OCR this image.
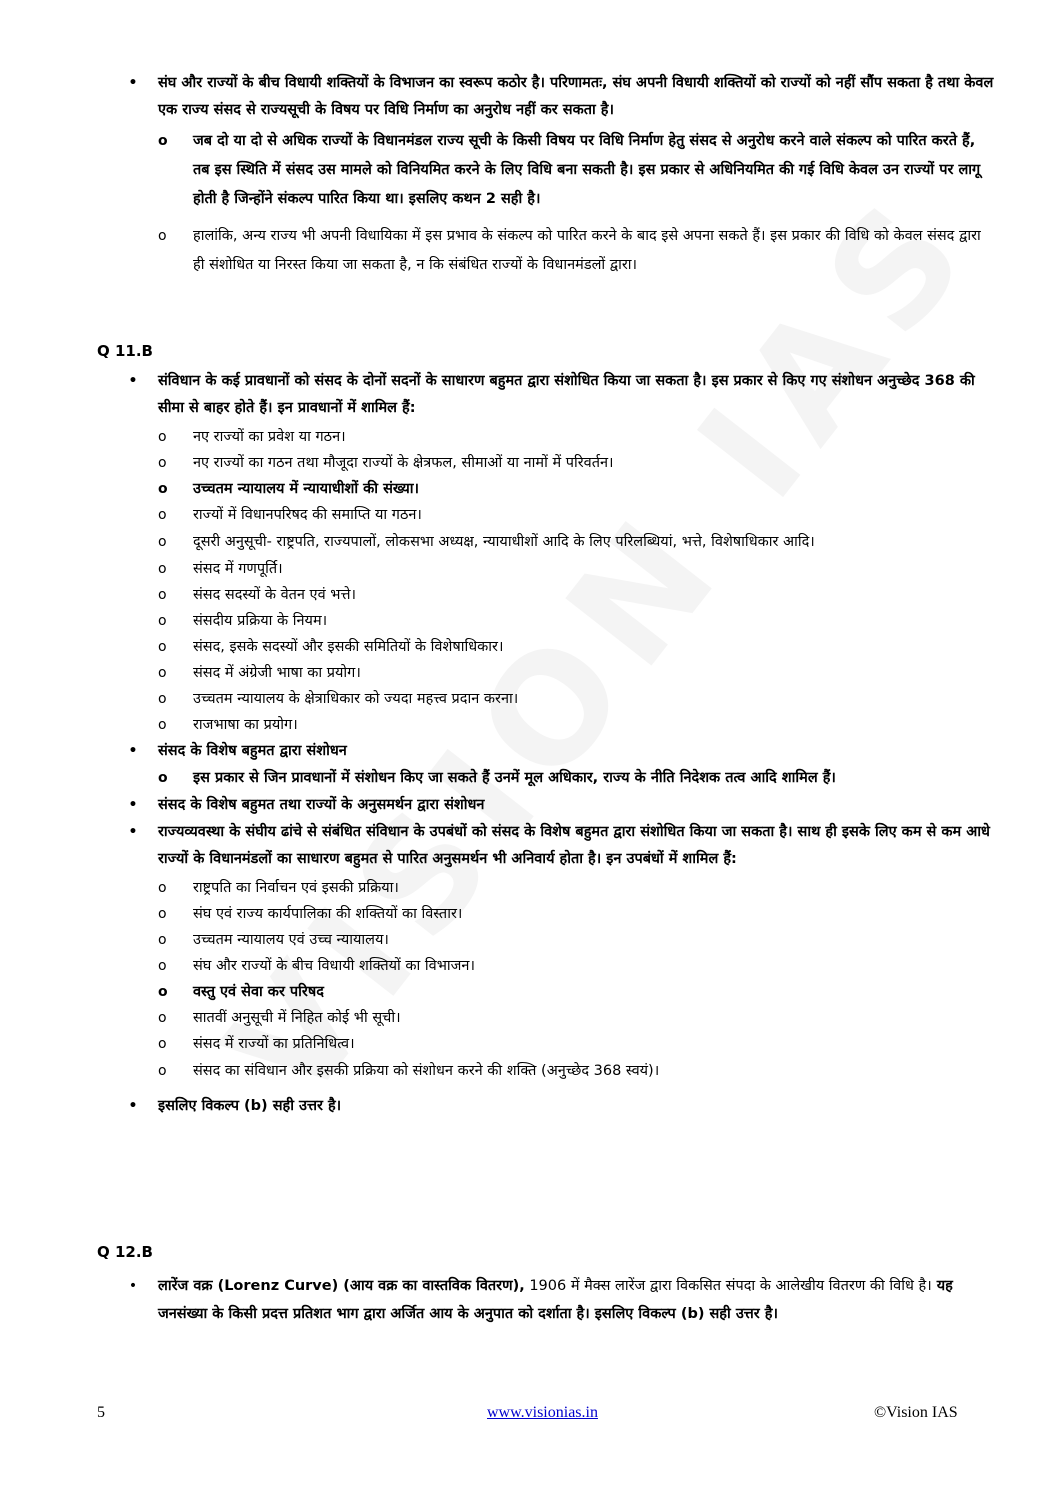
• संघ और राज्यों के बीच विधायी शक्तियों के विभाजन का स्वरूप कठोर है। परिणामतः, संघ अपनी विधायी शक्तियों को राज्यों को नहीं सौंप सकता है तथा केवल एक राज्य संसद से राज्यसूची के विषय पर विधि निर्माण का अनुरोध नहीं कर सकता है।
o जब दो या दो से अधिक राज्यों के विधानमंडल राज्य सूची के किसी विषय पर विधि निर्माण हेतु संसद से अनुरोध करने वाले संकल्प को पारित करते हैं, तब इस स्थिति में संसद उस मामले को विनियमित करने के लिए विधि बना सकती है। इस प्रकार से अधिनियमित की गई विधि केवल उन राज्यों पर लागू होती है जिन्होंने संकल्प पारित किया था। इसलिए कथन 2 सही है।
o हालांकि, अन्य राज्य भी अपनी विधायिका में इस प्रभाव के संकल्प को पारित करने के बाद इसे अपना सकते हैं। इस प्रकार की विधि को केवल संसद द्वारा ही संशोधित या निरस्त किया जा सकता है, न कि संबंधित राज्यों के विधानमंडलों द्वारा।
Q 11.B
• संविधान के कई प्रावधानों को संसद के दोनों सदनों के साधारण बहुमत द्वारा संशोधित किया जा सकता है। इस प्रकार से किए गए संशोधन अनुच्छेद 368 की सीमा से बाहर होते हैं। इन प्रावधानों में शामिल हैं:
o नए राज्यों का प्रवेश या गठन।
o नए राज्यों का गठन तथा मौजूदा राज्यों के क्षेत्रफल, सीमाओं या नामों में परिवर्तन।
o उच्चतम न्यायालय में न्यायाधीशों की संख्या।
o राज्यों में विधानपरिषद की समाप्ति या गठन।
o दूसरी अनुसूची- राष्ट्रपति, राज्यपालों, लोकसभा अध्यक्ष, न्यायाधीशों आदि के लिए परिलब्धियां, भत्ते, विशेषाधिकार आदि।
o संसद में गणपूर्ति।
o संसद सदस्यों के वेतन एवं भत्ते।
o संसदीय प्रक्रिया के नियम।
o संसद, इसके सदस्यों और इसकी समितियों के विशेषाधिकार।
o संसद में अंग्रेजी भाषा का प्रयोग।
o उच्चतम न्यायालय के क्षेत्राधिकार को ज्यदा महत्त्व प्रदान करना।
o राजभाषा का प्रयोग।
• संसद के विशेष बहुमत द्वारा संशोधन
o इस प्रकार से जिन प्रावधानों में संशोधन किए जा सकते हैं उनमें मूल अधिकार, राज्य के नीति निदेशक तत्व आदि शामिल हैं।
• संसद के विशेष बहुमत तथा राज्यों के अनुसमर्थन द्वारा संशोधन
• राज्यव्यवस्था के संघीय ढांचे से संबंधित संविधान के उपबंधों को संसद के विशेष बहुमत द्वारा संशोधित किया जा सकता है। साथ ही इसके लिए कम से कम आधे राज्यों के विधानमंडलों का साधारण बहुमत से पारित अनुसमर्थन भी अनिवार्य होता है। इन उपबंधों में शामिल हैं:
o राष्ट्रपति का निर्वाचन एवं इसकी प्रक्रिया।
o संघ एवं राज्य कार्यपालिका की शक्तियों का विस्तार।
o उच्चतम न्यायालय एवं उच्च न्यायालय।
o संघ और राज्यों के बीच विधायी शक्तियों का विभाजन।
o वस्तु एवं सेवा कर परिषद
o सातवीं अनुसूची में निहित कोई भी सूची।
o संसद में राज्यों का प्रतिनिधित्व।
o संसद का संविधान और इसकी प्रक्रिया को संशोधन करने की शक्ति (अनुच्छेद 368 स्वयं)।
• इसलिए विकल्प (b) सही उत्तर है।
Q 12.B
• लारेंज वक्र (Lorenz Curve) (आय वक्र का वास्तविक वितरण), 1906 में मैक्स लारेंज द्वारा विकसित संपदा के आलेखीय वितरण की विधि है। यह जनसंख्या के किसी प्रदत्त प्रतिशत भाग द्वारा अर्जित आय के अनुपात को दर्शाता है। इसलिए विकल्प (b) सही उत्तर है।
5	www.visionias.in	©Vision IAS
